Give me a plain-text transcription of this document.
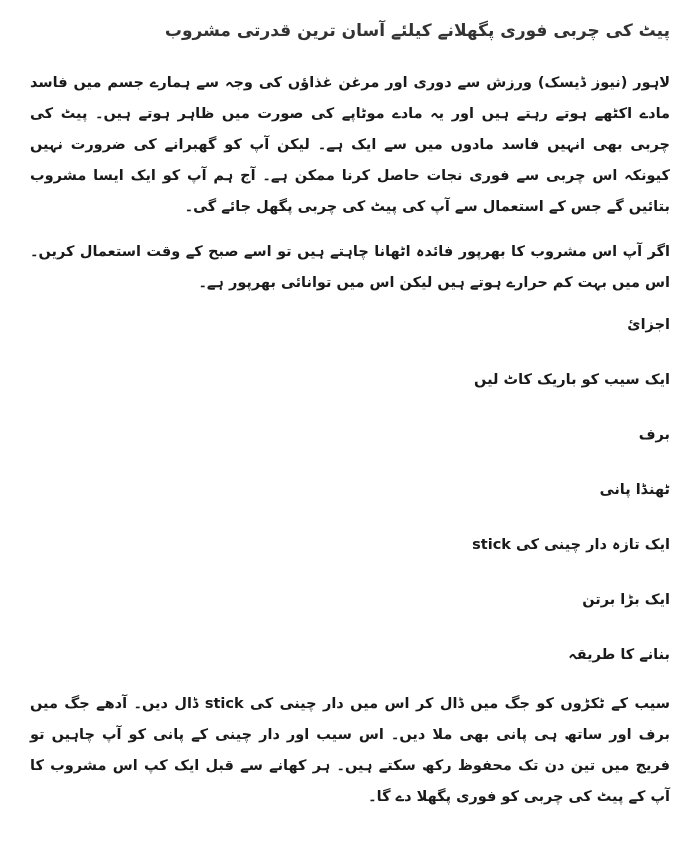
پیٹ کی چربی فوری پگھلانے کیلئے آسان ترین قدرتی مشروب

لاہور (نیوز ڈیسک) ورزش سے دوری اور مرغن غذاؤں کی وجہ سے ہمارے جسم میں فاسد مادے اکٹھے ہوتے رہتے ہیں اور یہ مادے موٹاپے کی صورت میں ظاہر ہوتے ہیں۔ پیٹ کی چربی بھی انہیں فاسد مادوں میں سے ایک ہے۔ لیکن آپ کو گھبرانے کی ضرورت نہیں کیونکہ اس چربی سے فوری نجات حاصل کرنا ممکن ہے۔ آج ہم آپ کو ایک ایسا مشروب بتائیں گے جس کے استعمال سے آپ کی پیٹ کی چربی پگھل جائے گی۔

اگر آپ اس مشروب کا بھرپور فائدہ اٹھانا چاہتے ہیں تو اسے صبح کے وقت استعمال کریں۔ اس میں بہت کم حرارے ہوتے ہیں لیکن اس میں توانائی بھرپور ہے۔

اجزائ
ایک سیب کو باریک کاٹ لیں
برف
ٹھنڈا پانی
ایک تازہ دار چینی کی stick
ایک بڑا برتن
بنانے کا طریقہ

سیب کے ٹکڑوں کو جگ میں ڈال کر اس میں دار چینی کی stick ڈال دیں۔ آدھے جگ میں برف اور ساتھ ہی پانی بھی ملا دیں۔ اس سیب اور دار چینی کے پانی کو آپ چاہیں تو فریج میں تین دن تک محفوظ رکھ سکتے ہیں۔ ہر کھانے سے قبل ایک کپ اس مشروب کا آپ کے پیٹ کی چربی کو فوری پگھلا دے گا۔
